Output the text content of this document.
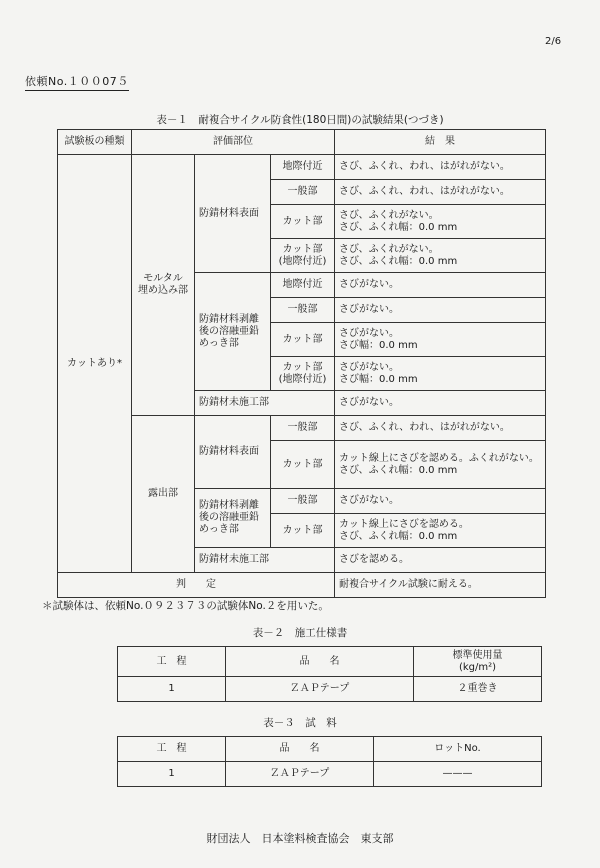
2/6
依頼No.１００07５
表－１　耐複合サイクル防食性(180日間)の試験結果(つづき)
試験板の種類	評価部位			結　果
カットあり*	モルタル
埋め込み部	防錆材料表面	地際付近	さび、ふくれ、われ、はがれがない。
			一般部	さび、ふくれ、われ、はがれがない。
			カット部	さび、ふくれがない。
さび、ふくれ幅：0.0 mm
			カット部
(地際付近)	さび、ふくれがない。
さび、ふくれ幅：0.0 mm
		防錆材料剥離
後の溶融亜鉛
めっき部	地際付近	さびがない。
			一般部	さびがない。
			カット部	さびがない。
さび幅：0.0 mm
			カット部
(地際付近)	さびがない。
さび幅：0.0 mm
		防錆材未施工部		さびがない。
	露出部	防錆材料表面	一般部	さび、ふくれ、われ、はがれがない。
			カット部	カット線上にさびを認める。ふくれがない。
さび、ふくれ幅：0.0 mm
		防錆材料剥離
後の溶融亜鉛
めっき部	一般部	さびがない。
			カット部	カット線上にさびを認める。
さび、ふくれ幅：0.0 mm
		防錆材未施工部		さびを認める。
判　　定				耐複合サイクル試験に耐える。
＊試験体は、依頼No.０９２３７３の試験体No.２を用いた。
表－２　施工仕様書
工　程	品　　名	標準使用量
(kg/m²)
1	ＺＡＰテープ	２重巻き
表－３　試　料
工　程	品　　名	ロットNo.
1	ＺＡＰテープ	———
財団法人　日本塗料検査協会　東支部
